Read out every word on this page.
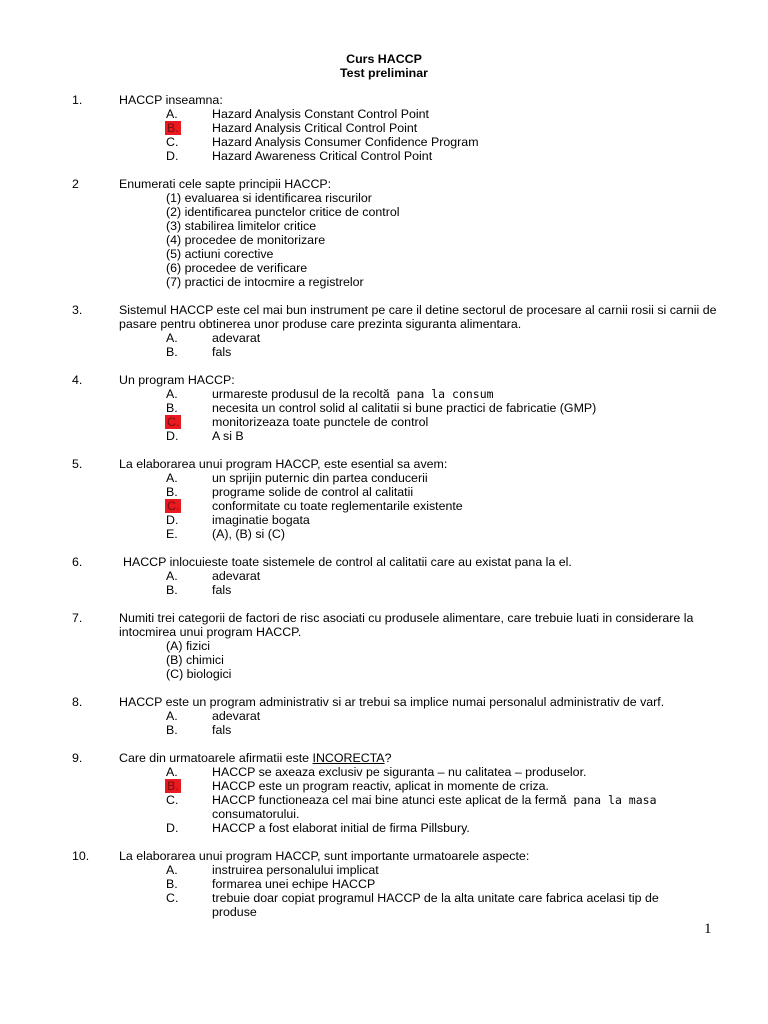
Curs HACCP
Test preliminar
1.	HACCP inseamna:
A.	Hazard Analysis Constant Control Point
B.	Hazard Analysis Critical Control Point
C.	Hazard Analysis Consumer Confidence Program
D.	Hazard Awareness Critical Control Point
2	Enumerati cele sapte principii HACCP:
(1) evaluarea si identificarea riscurilor
(2) identificarea punctelor critice de control
(3) stabilirea limitelor critice
(4) procedee de monitorizare
(5) actiuni corective
(6) procedee de verificare
(7) practici de intocmire a registrelor
3.	Sistemul HACCP este cel mai bun instrument pe care il detine sectorul de procesare al carnii rosii si carnii de pasare pentru obtinerea unor produse care prezinta siguranta alimentara.
A.	adevarat
B.	fals
4.	Un program HACCP:
A.	urmareste produsul de la recoltă pana la consum
B.	necesita un control solid al calitatii si bune practici de fabricatie (GMP)
C.	monitorizeaza toate punctele de control
D.	A si B
5.	La elaborarea unui program HACCP, este esential sa avem:
A.	un sprijin puternic din partea conducerii
B.	programe solide de control al calitatii
C.	conformitate cu toate reglementarile existente
D.	imaginatie bogata
E.	(A), (B) si (C)
6.	HACCP inlocuieste toate sistemele de control al calitatii care au existat pana la el.
A.	adevarat
B.	fals
7.	Numiti trei categorii de factori de risc asociati cu produsele alimentare, care trebuie luati in considerare la intocmirea unui program HACCP.
(A) fizici
(B) chimici
(C) biologici
8.	HACCP este un program administrativ si ar trebui sa implice numai personalul administrativ de varf.
A.	adevarat
B.	fals
9.	Care din urmatoarele afirmatii este INCORECTA?
A.	HACCP se axeaza exclusiv pe siguranta – nu calitatea – produselor.
B.	HACCP este un program reactiv, aplicat in momente de criza.
C.	HACCP functioneaza cel mai bine atunci este aplicat de la fermă pana la masa
consumatorului.
D.	HACCP a fost elaborat initial de firma Pillsbury.
10. La elaborarea unui program HACCP, sunt importante urmatoarele aspecte:
A.	instruirea personalului implicat
B.	formarea unei echipe HACCP
C.	trebuie doar copiat programul HACCP de la alta unitate care fabrica acelasi tip de
produse
1
